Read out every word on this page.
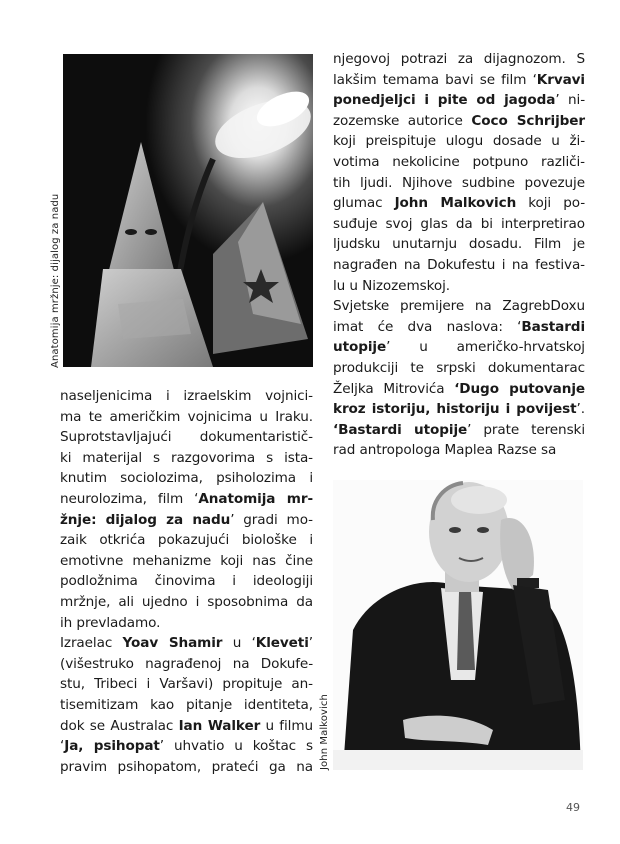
Anatomija mržnje: dijalog za nadu
John Malkovich
njegovoj potrazi za dijagnozom. S
lakšim temama bavi se film ‘Krvavi
ponedjeljci i pite od jagoda’ ni-
zozemske autorice Coco Schrijber
koji preispituje ulogu dosade u ži-
votima nekolicine potpuno različi-
tih ljudi. Njihove sudbine povezuje
glumac John Malkovich koji po-
suđuje svoj glas da bi interpretirao
ljudsku unutarnju dosadu. Film je
nagrađen na Dokufestu i na festiva-
lu u Nizozemskoj.
Svjetske premijere na ZagrebDoxu
imat će dva naslova: ‘Bastardi
utopije’ u američko-hrvatskoj
produkciji te srpski dokumentarac
Željka Mitrovića ‘Dugo putovanje
kroz istoriju, historiju i povijest’.
‘Bastardi utopije’ prate terenski
rad antropologa Maplea Razse sa
naseljenicima i izraelskim vojnici-
ma te američkim vojnicima u Iraku.
Suprotstavljajući dokumentaristič-
ki materijal s razgovorima s ista-
knutim sociolozima, psiholozima i
neurolozima, film ‘Anatomija mr-
žnje: dijalog za nadu’ gradi mo-
zaik otkrića pokazujući biološke i
emotivne mehanizme koji nas čine
podložnima činovima i ideologiji
mržnje, ali ujedno i sposobnima da
ih prevladamo.
Izraelac Yoav Shamir u ‘Kleveti’
(višestruko nagrađenoj na Dokufe-
stu, Tribeci i Varšavi) propituje an-
tisemitizam kao pitanje identiteta,
dok se Australac Ian Walker u filmu
‘Ja, psihopat’ uhvatio u koštac s
pravim psihopatom, prateći ga na
49
